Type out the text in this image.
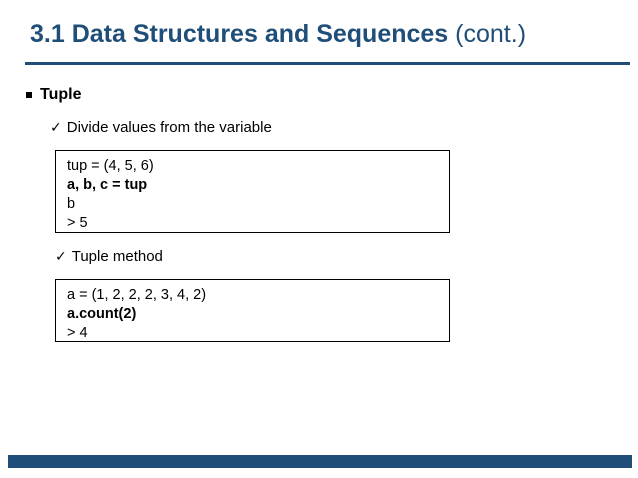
3.1 Data Structures and Sequences (cont.)
Tuple
✓ Divide values from the variable
tup = (4, 5, 6)
a, b, c = tup
b
> 5
✓ Tuple method
a = (1, 2, 2, 2, 3, 4, 2)
a.count(2)
> 4
